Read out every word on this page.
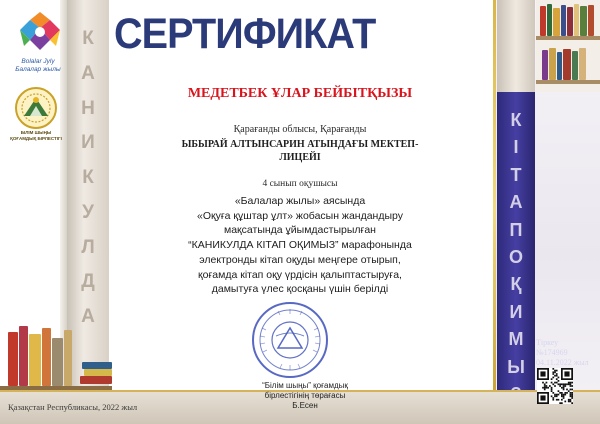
К
А
Н
И
К
У
Л
Д
А
К
І
Т
А
П
О
Қ
И
М
Ы
Қазақстан Республикасы, 2022 жыл
Bolalar Jyly
Балалар жылы
БІЛІМ ШЫҢЫ
ҚОҒАМДЫҚ БІРЛЕСТІГІ
СЕРТИФИКАТ
МЕДЕТБЕК ҰЛАР БЕЙБІТҚЫЗЫ
Қарағанды облысы, Қарағанды
ЫБЫРАЙ АЛТЫНСАРИН АТЫНДАҒЫ МЕКТЕП-
ЛИЦЕЙІ
4 сынып оқушысы
«Балалар жылы» аясында
«Оқуға құштар ұлт» жобасын жандандыру
мақсатында ұйымдастырылған
“КАНИКУЛДА КІТАП ОҚИМЫЗ” марафонында
электронды кітап оқуды меңгере отырып,
қоғамда кітап оқу үрдісін қалыптастыруға,
дамытуға үлес қосқаны үшін берілді
“Білім шыңы” қоғамдық
бірлестігінің төрағасы
Б.Есен
Тіркеу
№174969
04.11.2022 жыл
